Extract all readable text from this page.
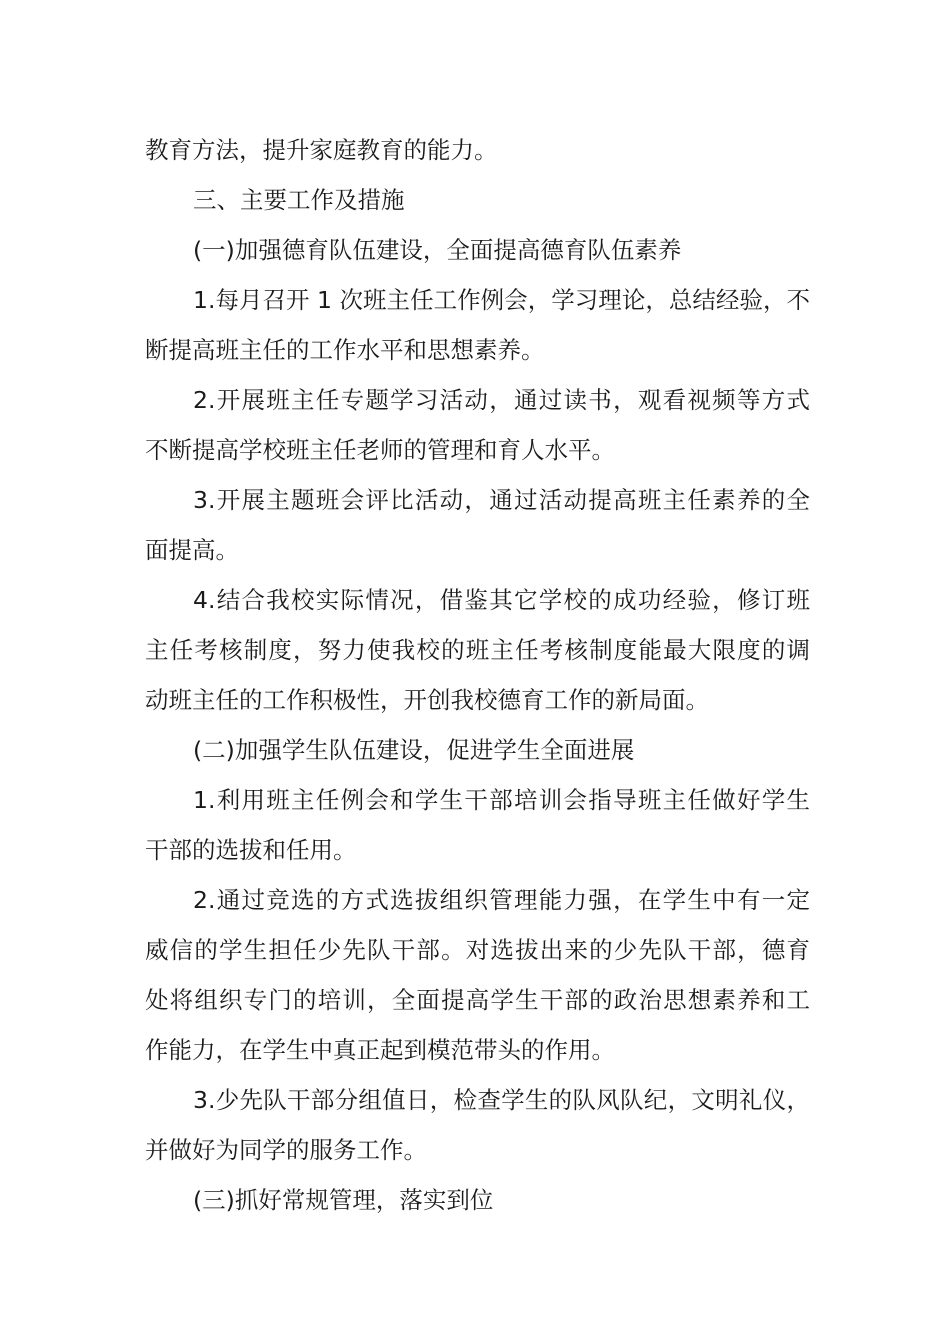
教育方法，提升家庭教育的能力。
三、主要工作及措施
(一)加强德育队伍建设，全面提高德育队伍素养
1.每月召开 1 次班主任工作例会，学习理论，总结经验，不
断提高班主任的工作水平和思想素养。
2.开展班主任专题学习活动，通过读书，观看视频等方式
不断提高学校班主任老师的管理和育人水平。
3.开展主题班会评比活动，通过活动提高班主任素养的全
面提高。
4.结合我校实际情况，借鉴其它学校的成功经验，修订班
主任考核制度，努力使我校的班主任考核制度能最大限度的调
动班主任的工作积极性，开创我校德育工作的新局面。
(二)加强学生队伍建设，促进学生全面进展
1.利用班主任例会和学生干部培训会指导班主任做好学生
干部的选拔和任用。
2.通过竞选的方式选拔组织管理能力强，在学生中有一定
威信的学生担任少先队干部。对选拔出来的少先队干部，德育
处将组织专门的培训，全面提高学生干部的政治思想素养和工
作能力，在学生中真正起到模范带头的作用。
3.少先队干部分组值日，检查学生的队风队纪，文明礼仪，
并做好为同学的服务工作。
(三)抓好常规管理，落实到位
